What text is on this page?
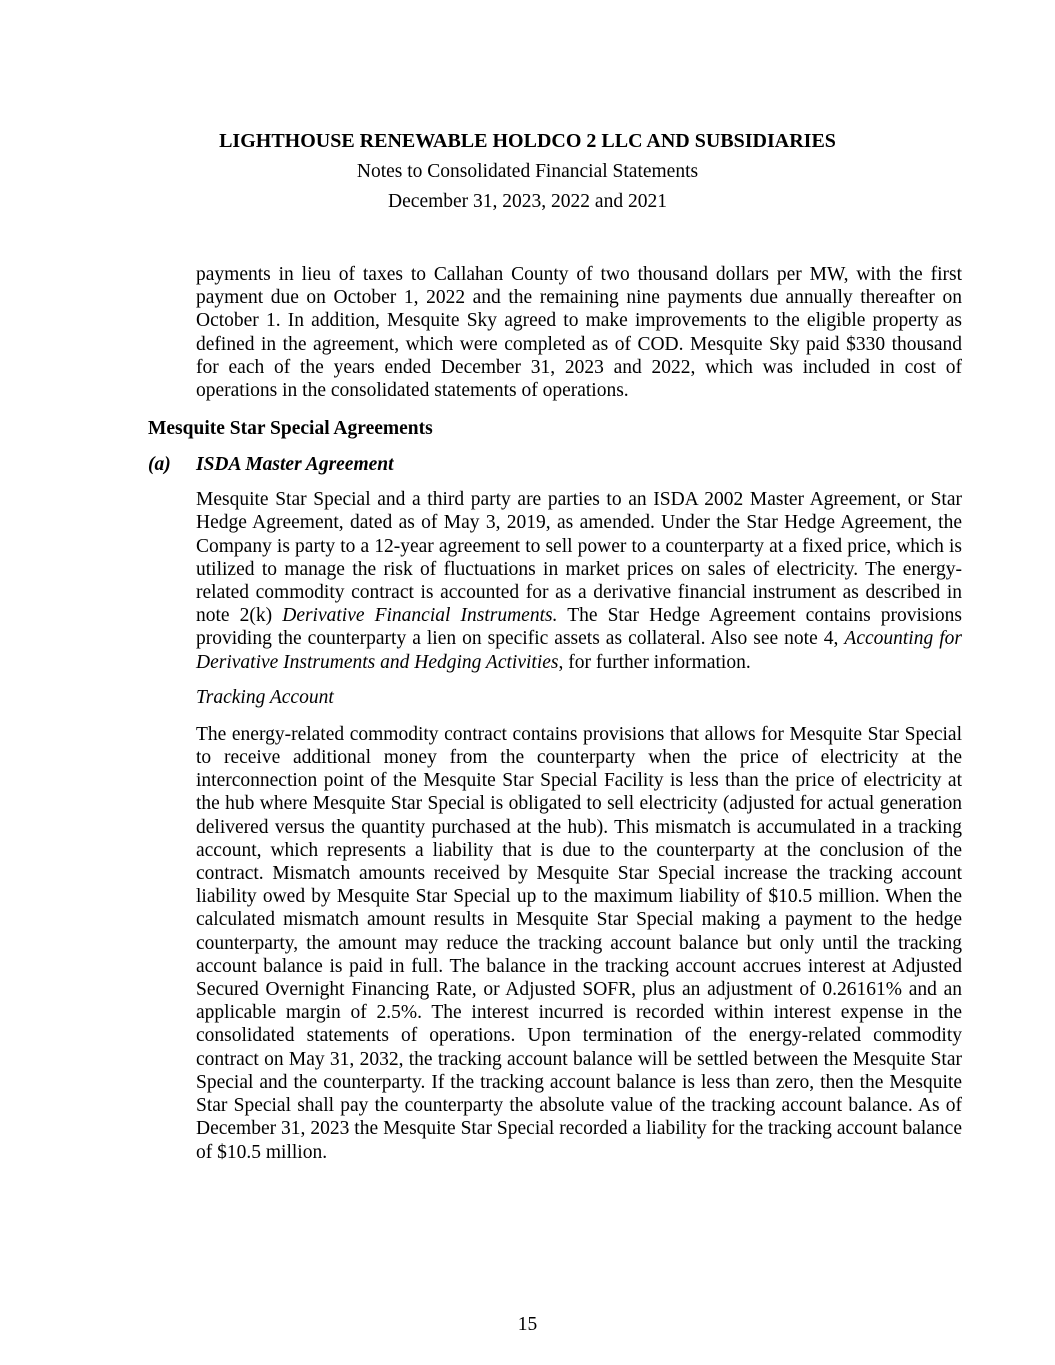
LIGHTHOUSE RENEWABLE HOLDCO 2 LLC AND SUBSIDIARIES
Notes to Consolidated Financial Statements
December 31, 2023, 2022 and 2021

payments in lieu of taxes to Callahan County of two thousand dollars per MW, with the first payment due on October 1, 2022 and the remaining nine payments due annually thereafter on October 1. In addition, Mesquite Sky agreed to make improvements to the eligible property as defined in the agreement, which were completed as of COD. Mesquite Sky paid $330 thousand for each of the years ended December 31, 2023 and 2022, which was included in cost of operations in the consolidated statements of operations.

Mesquite Star Special Agreements
(a)	ISDA Master Agreement

Mesquite Star Special and a third party are parties to an ISDA 2002 Master Agreement, or Star Hedge Agreement, dated as of May 3, 2019, as amended. Under the Star Hedge Agreement, the Company is party to a 12-year agreement to sell power to a counterparty at a fixed price, which is utilized to manage the risk of fluctuations in market prices on sales of electricity. The energy-related commodity contract is accounted for as a derivative financial instrument as described in note 2(k) Derivative Financial Instruments. The Star Hedge Agreement contains provisions providing the counterparty a lien on specific assets as collateral. Also see note 4, Accounting for Derivative Instruments and Hedging Activities, for further information.

Tracking Account

The energy-related commodity contract contains provisions that allows for Mesquite Star Special to receive additional money from the counterparty when the price of electricity at the interconnection point of the Mesquite Star Special Facility is less than the price of electricity at the hub where Mesquite Star Special is obligated to sell electricity (adjusted for actual generation delivered versus the quantity purchased at the hub). This mismatch is accumulated in a tracking account, which represents a liability that is due to the counterparty at the conclusion of the contract. Mismatch amounts received by Mesquite Star Special increase the tracking account liability owed by Mesquite Star Special up to the maximum liability of $10.5 million. When the calculated mismatch amount results in Mesquite Star Special making a payment to the hedge counterparty, the amount may reduce the tracking account balance but only until the tracking account balance is paid in full. The balance in the tracking account accrues interest at Adjusted Secured Overnight Financing Rate, or Adjusted SOFR, plus an adjustment of 0.26161% and an applicable margin of 2.5%. The interest incurred is recorded within interest expense in the consolidated statements of operations. Upon termination of the energy-related commodity contract on May 31, 2032, the tracking account balance will be settled between the Mesquite Star Special and the counterparty. If the tracking account balance is less than zero, then the Mesquite Star Special shall pay the counterparty the absolute value of the tracking account balance. As of December 31, 2023 the Mesquite Star Special recorded a liability for the tracking account balance of $10.5 million.

15
